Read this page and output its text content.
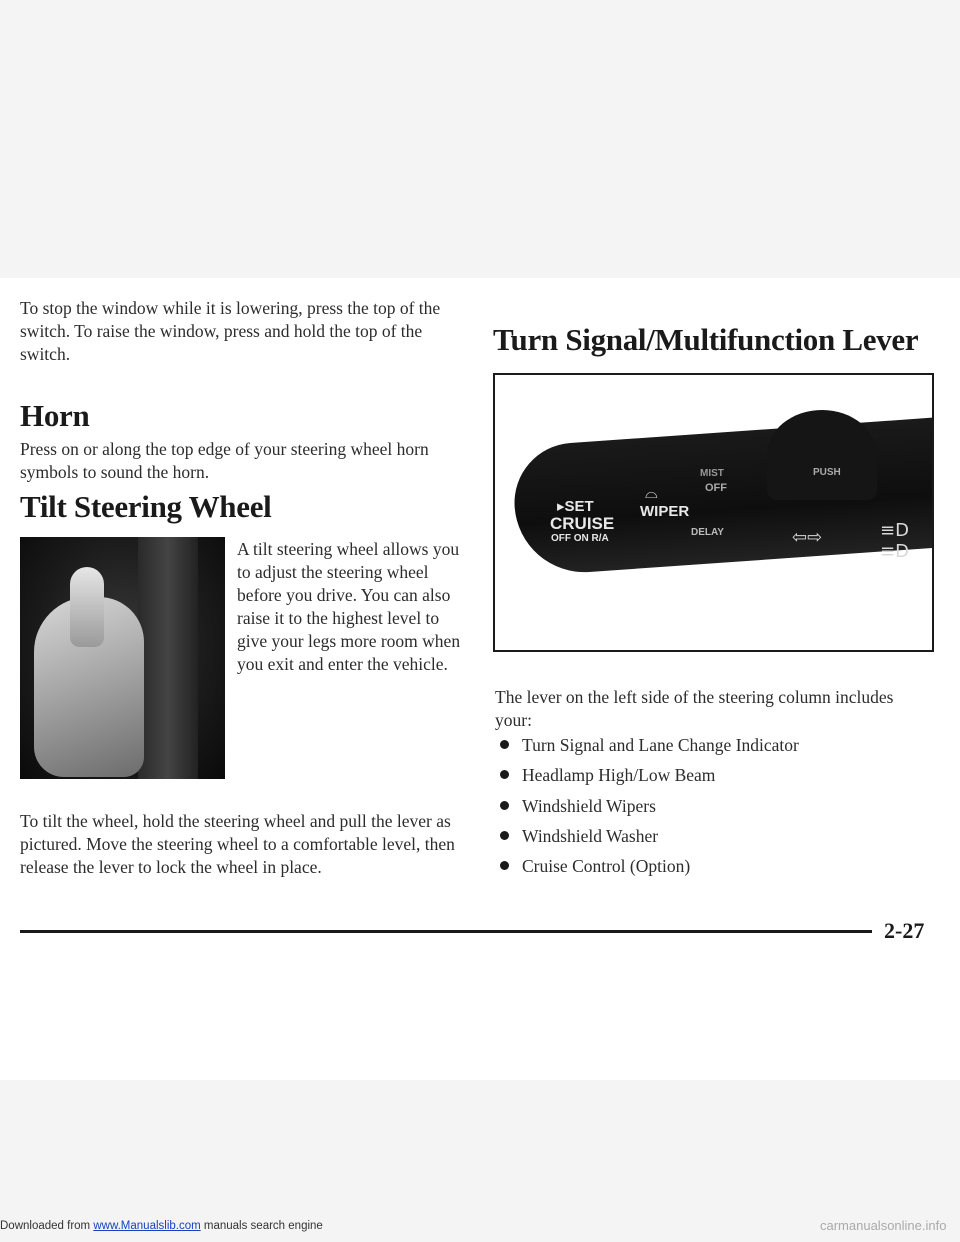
To stop the window while it is lowering, press the top of the switch. To raise the window, press and hold the top of the switch.

Horn

Press on or along the top edge of your steering wheel horn symbols to sound the horn.

Tilt Steering Wheel

A tilt steering wheel allows you to adjust the steering wheel before you drive. You can also raise it to the highest level to give your legs more room when you exit and enter the vehicle.

To tilt the wheel, hold the steering wheel and pull the lever as pictured. Move the steering wheel to a comfortable level, then release the lever to lock the wheel in place.

Turn Signal/Multifunction Lever
▸SET
CRUISE
OFF ON R/A
WIPER
MIST
OFF
DELAY
PUSH
⌓
⇦⇨	≡D ≡D

The lever on the left side of the steering column includes your:

Turn Signal and Lane Change Indicator
Headlamp High/Low Beam
Windshield Wipers
Windshield Washer
Cruise Control (Option)
2-27
Downloaded from www.Manualslib.com manuals search engine	carmanualsonline.info
